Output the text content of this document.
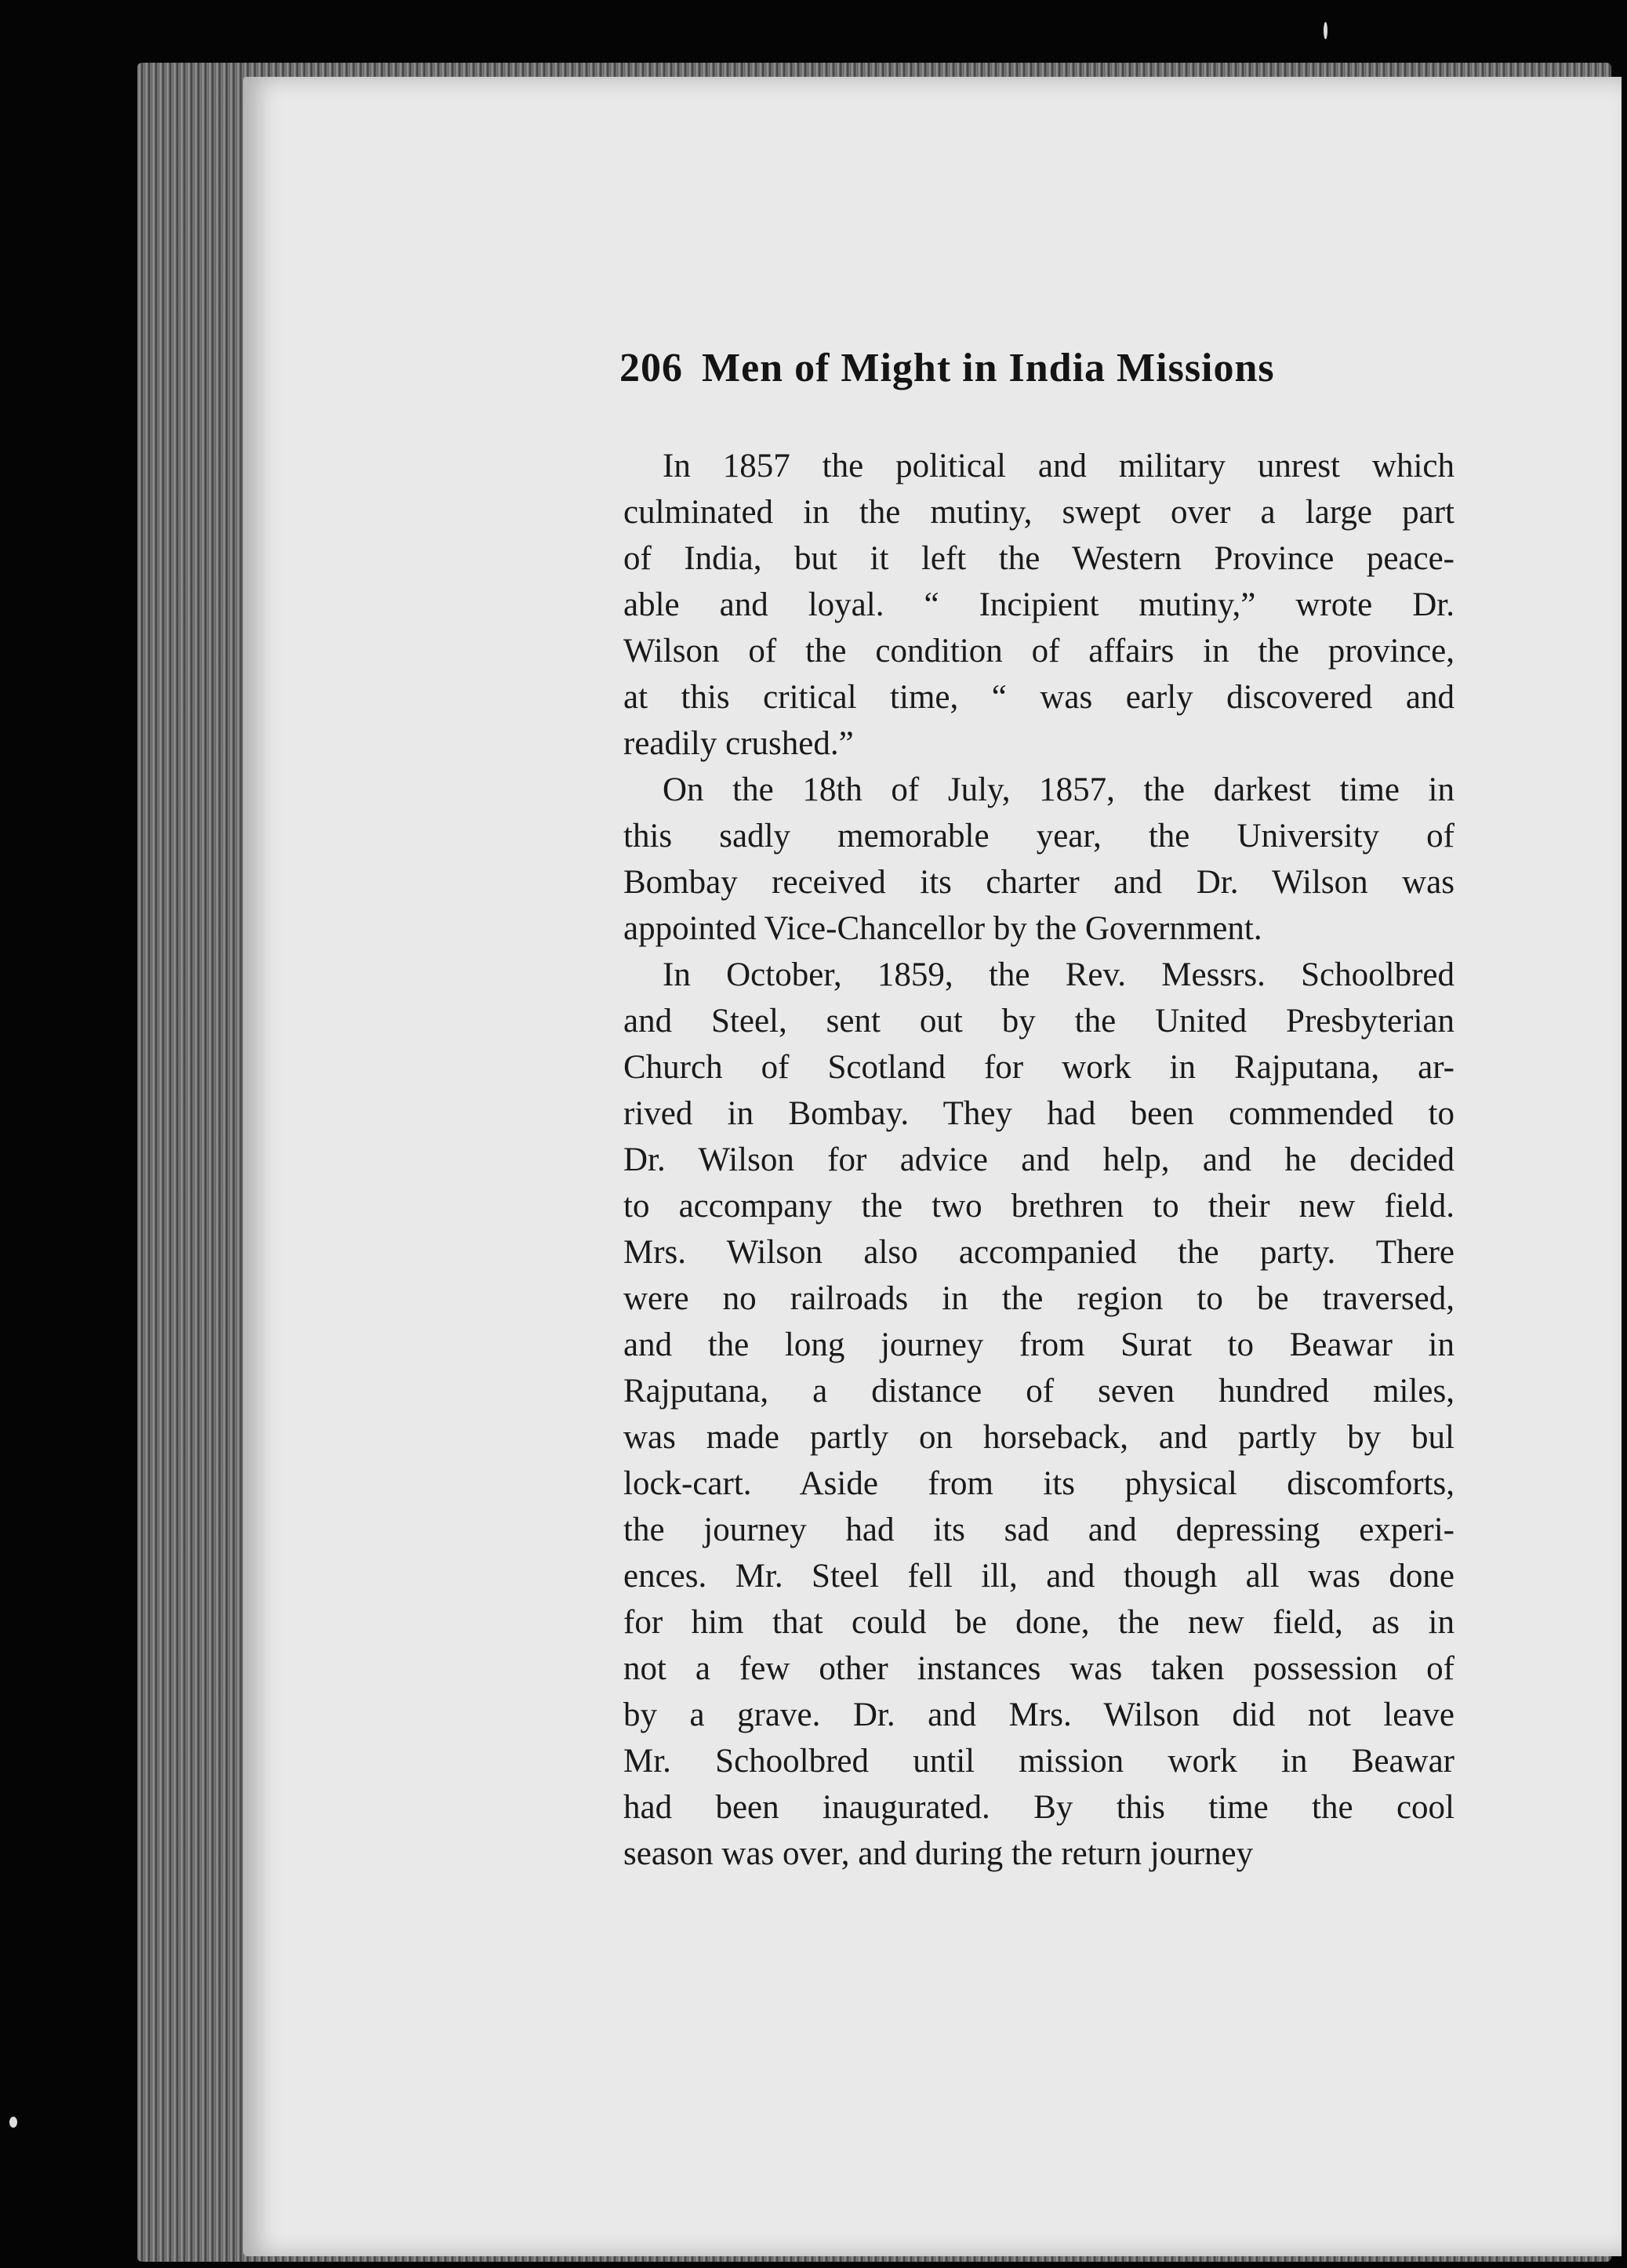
206 Men of Might in India Missions
In 1857 the political and military unrest which
culminated in the mutiny, swept over a large part
of India, but it left the Western Province peace-
able and loyal. “ Incipient mutiny,” wrote Dr.
Wilson of the condition of affairs in the province,
at this critical time, “ was early discovered and
readily crushed.”
On the 18th of July, 1857, the darkest time in
this sadly memorable year, the University of
Bombay received its charter and Dr. Wilson was
appointed Vice-Chancellor by the Government.
In October, 1859, the Rev. Messrs. Schoolbred
and Steel, sent out by the United Presbyterian
Church of Scotland for work in Rajputana, ar-
rived in Bombay. They had been commended to
Dr. Wilson for advice and help, and he decided
to accompany the two brethren to their new field.
Mrs. Wilson also accompanied the party. There
were no railroads in the region to be traversed,
and the long journey from Surat to Beawar in
Rajputana, a distance of seven hundred miles,
was made partly on horseback, and partly by bul
lock-cart. Aside from its physical discomforts,
the journey had its sad and depressing experi-
ences. Mr. Steel fell ill, and though all was done
for him that could be done, the new field, as in
not a few other instances was taken possession of
by a grave. Dr. and Mrs. Wilson did not leave
Mr. Schoolbred until mission work in Beawar
had been inaugurated. By this time the cool
season was over, and during the return journey
